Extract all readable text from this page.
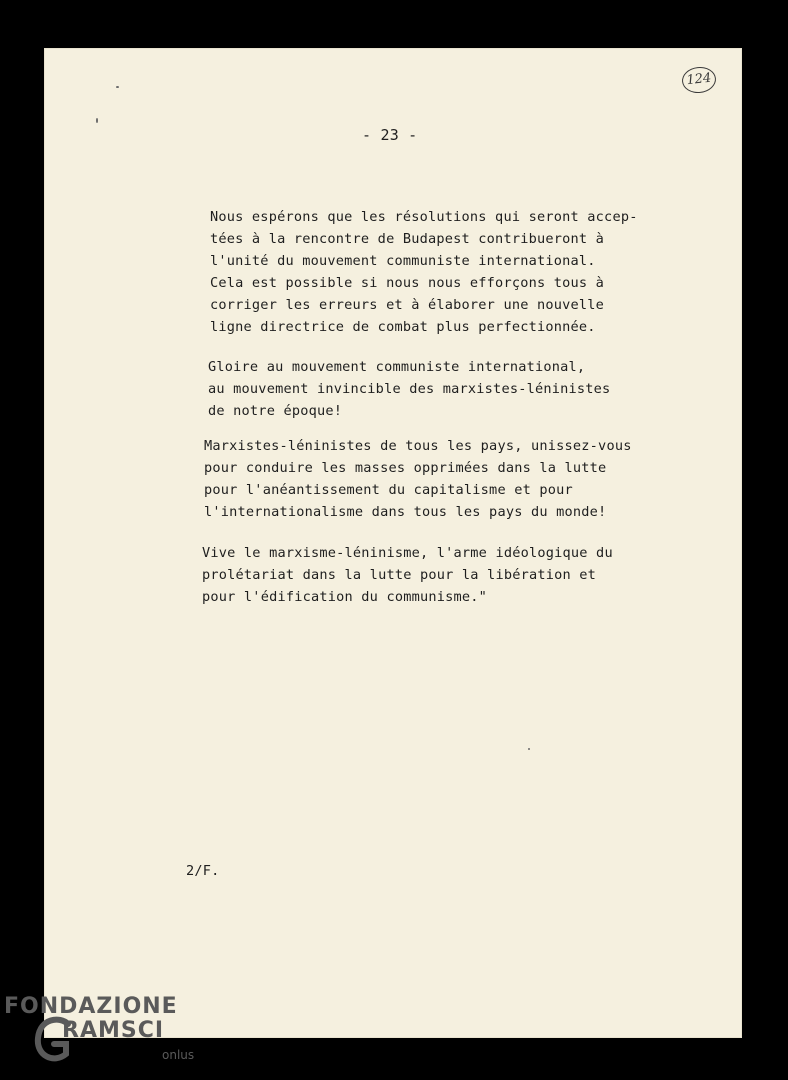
124
- 23 -

Nous espérons que les résolutions qui seront accep-
tées à la rencontre de Budapest contribueront à
l'unité du mouvement communiste international.
Cela est possible si nous nous efforçons tous à
corriger les erreurs et à élaborer une nouvelle
ligne directrice de combat plus perfectionnée.

Gloire au mouvement communiste international,
au mouvement invincible des marxistes-léninistes
de notre époque!

Marxistes-léninistes de tous les pays, unissez-vous
pour conduire les masses opprimées dans la lutte
pour l'anéantissement du capitalisme et pour
l'internationalisme dans tous les pays du monde!

Vive le marxisme-léninisme, l'arme idéologique du
prolétariat dans la lutte pour la libération et
pour l'édification du communisme."

2/F.
FONDAZIONE
RAMSCI
onlus
